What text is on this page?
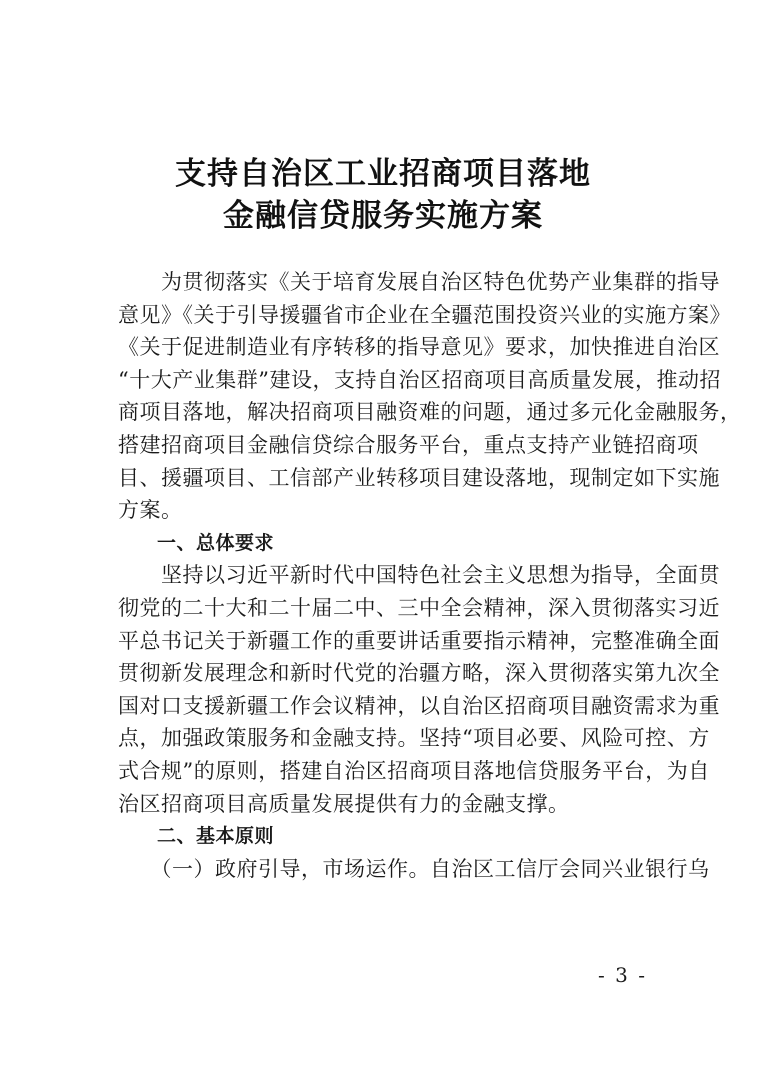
支持自治区工业招商项目落地
金融信贷服务实施方案
　　为贯彻落实《关于培育发展自治区特色优势产业集群的指导
意见》《关于引导援疆省市企业在全疆范围投资兴业的实施方案》
《关于促进制造业有序转移的指导意见》要求，加快推进自治区
“十大产业集群”建设，支持自治区招商项目高质量发展，推动招
商项目落地，解决招商项目融资难的问题，通过多元化金融服务，
搭建招商项目金融信贷综合服务平台，重点支持产业链招商项
目、援疆项目、工信部产业转移项目建设落地，现制定如下实施
方案。
　　一、总体要求
　　坚持以习近平新时代中国特色社会主义思想为指导，全面贯
彻党的二十大和二十届二中、三中全会精神，深入贯彻落实习近
平总书记关于新疆工作的重要讲话重要指示精神，完整准确全面
贯彻新发展理念和新时代党的治疆方略，深入贯彻落实第九次全
国对口支援新疆工作会议精神，以自治区招商项目融资需求为重
点，加强政策服务和金融支持。坚持“项目必要、风险可控、方
式合规”的原则，搭建自治区招商项目落地信贷服务平台，为自
治区招商项目高质量发展提供有力的金融支撑。
　　二、基本原则
　　（一）政府引导，市场运作。自治区工信厅会同兴业银行乌
- 3 -
